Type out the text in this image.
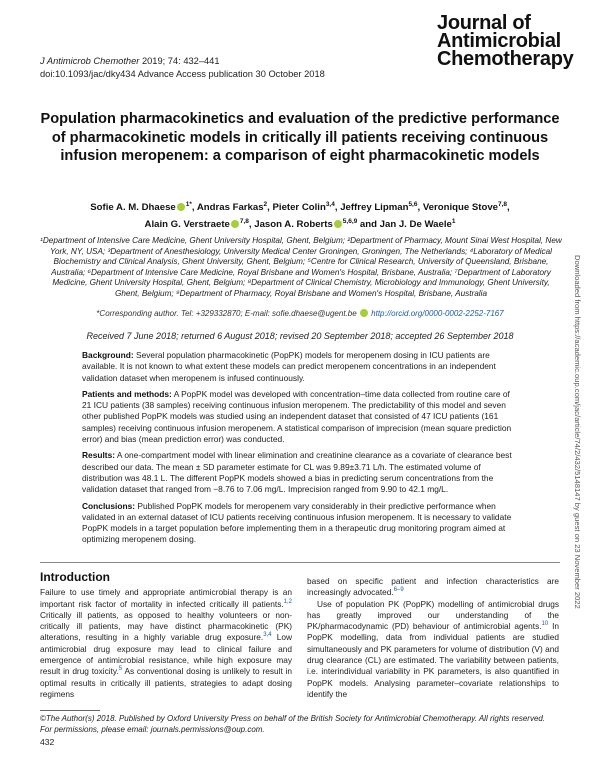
J Antimicrob Chemother 2019; 74: 432–441
doi:10.1093/jac/dky434 Advance Access publication 30 October 2018
Journal of
Antimicrobial
Chemotherapy
Population pharmacokinetics and evaluation of the predictive performance of pharmacokinetic models in critically ill patients receiving continuous infusion meropenem: a comparison of eight pharmacokinetic models
Sofie A. M. Dhaese $^{1*}$, Andras Farkas$^2$, Pieter Colin$^{3,4}$, Jeffrey Lipman$^{5,6}$, Veronique Stove$^{7,8}$,
Alain G. Verstraete $^{7,8}$, Jason A. Roberts $^{5,6,9}$ and Jan J. De Waele$^1$
¹Department of Intensive Care Medicine, Ghent University Hospital, Ghent, Belgium; ²Department of Pharmacy, Mount Sinai West Hospital, New York, NY, USA; ³Department of Anesthesiology, University Medical Center Groningen, Groningen, The Netherlands; ⁴Laboratory of Medical Biochemistry and Clinical Analysis, Ghent University, Ghent, Belgium; ⁵Centre for Clinical Research, University of Queensland, Brisbane, Australia; ⁶Department of Intensive Care Medicine, Royal Brisbane and Women's Hospital, Brisbane, Australia; ⁷Department of Laboratory Medicine, Ghent University Hospital, Ghent, Belgium; ⁸Department of Clinical Chemistry, Microbiology and Immunology, Ghent University, Ghent, Belgium; ⁹Department of Pharmacy, Royal Brisbane and Women's Hospital, Brisbane, Australia
*Corresponding author. Tel: +329332870; E-mail: sofie.dhaese@ugent.be http://orcid.org/0000-0002-2252-7167
Received 7 June 2018; returned 6 August 2018; revised 20 September 2018; accepted 26 September 2018

Background: Several population pharmacokinetic (PopPK) models for meropenem dosing in ICU patients are available. It is not known to what extent these models can predict meropenem concentrations in an independent validation dataset when meropenem is infused continuously.

Patients and methods: A PopPK model was developed with concentration–time data collected from routine care of 21 ICU patients (38 samples) receiving continuous infusion meropenem. The predictability of this model and seven other published PopPK models was studied using an independent dataset that consisted of 47 ICU patients (161 samples) receiving continuous infusion meropenem. A statistical comparison of imprecision (mean square prediction error) and bias (mean prediction error) was conducted.

Results: A one-compartment model with linear elimination and creatinine clearance as a covariate of clearance best described our data. The mean ± SD parameter estimate for CL was 9.89±3.71 L/h. The estimated volume of distribution was 48.1 L. The different PopPK models showed a bias in predicting serum concentrations from the validation dataset that ranged from −8.76 to 7.06 mg/L. Imprecision ranged from 9.90 to 42.1 mg/L.

Conclusions: Published PopPK models for meropenem vary considerably in their predictive performance when validated in an external dataset of ICU patients receiving continuous infusion meropenem. It is necessary to validate PopPK models in a target population before implementing them in a therapeutic drug monitoring program aimed at optimizing meropenem dosing.

Introduction

Failure to use timely and appropriate antimicrobial therapy is an important risk factor of mortality in infected critically ill patients.$^{1,2}$ Critically ill patients, as opposed to healthy volunteers or non-critically ill patients, may have distinct pharmacokinetic (PK) alterations, resulting in a highly variable drug exposure.$^{3,4}$ Low antimicrobial drug exposure may lead to clinical failure and emergence of antimicrobial resistance, while high exposure may result in drug toxicity.$^5$ As conventional dosing is unlikely to result in optimal results in critically ill patients, strategies to adapt dosing regimens

based on specific patient and infection characteristics are increasingly advocated.$^{6-9}$

Use of population PK (PopPK) modelling of antimicrobial drugs has greatly improved our understanding of the PK/pharmacodynamic (PD) behaviour of antimicrobial agents.$^{10}$ In PopPK modelling, data from individual patients are studied simultaneously and PK parameters for volume of distribution (V) and drug clearance (CL) are estimated. The variability between patients, i.e. interindividual variability in PK parameters, is also quantified in PopPK models. Analysing parameter–covariate relationships to identify the

Downloaded from https://academic.oup.com/jac/article/74/2/432/5148147 by guest on 23 November 2022
©The Author(s) 2018. Published by Oxford University Press on behalf of the British Society for Antimicrobial Chemotherapy. All rights reserved.
For permissions, please email: journals.permissions@oup.com.
432
